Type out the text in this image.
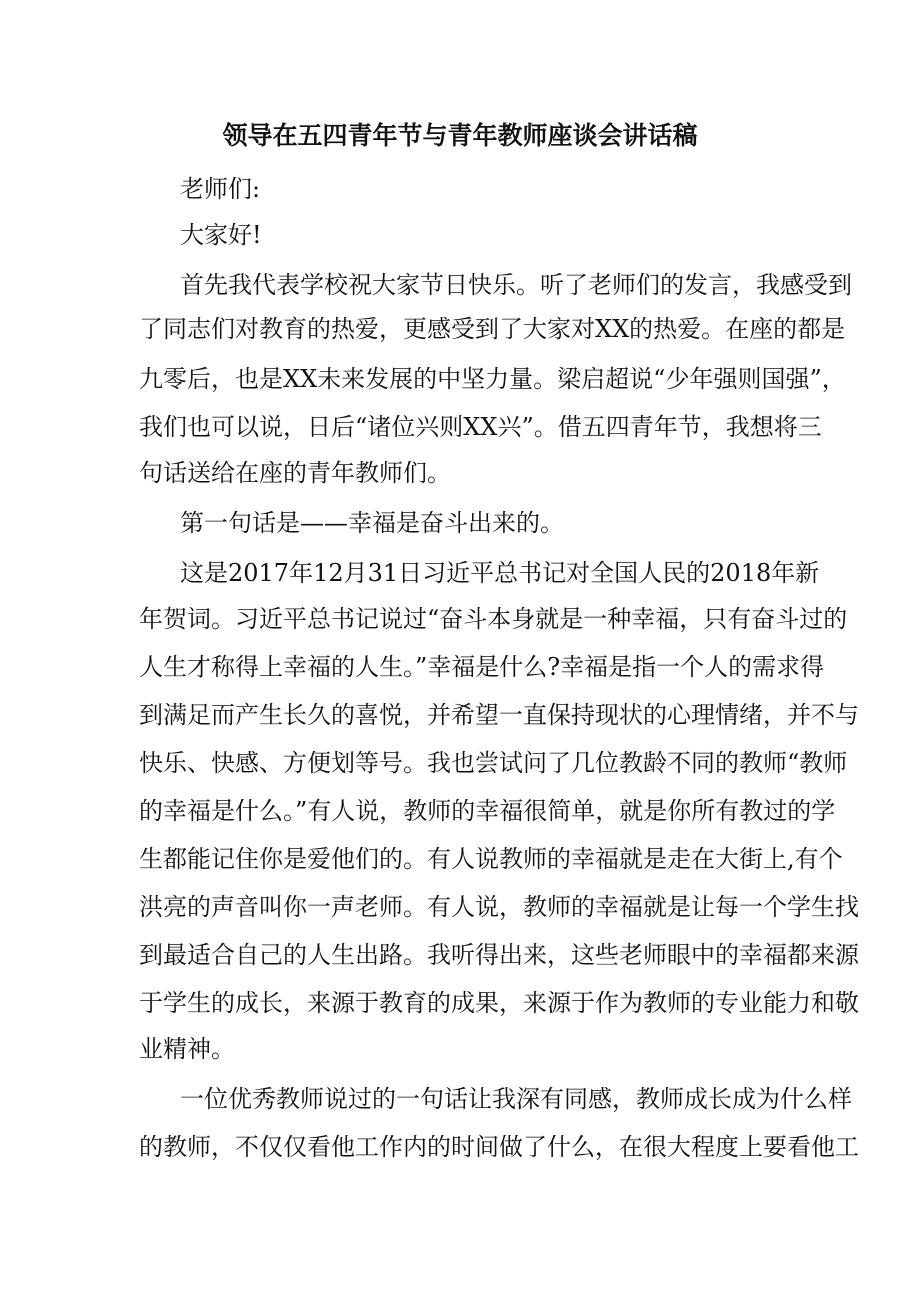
领导在五四青年节与青年教师座谈会讲话稿
老师们:
大家好!
首先我代表学校祝大家节日快乐。听了老师们的发言，我感受到
了同志们对教育的热爱，更感受到了大家对XX的热爱。在座的都是
九零后，也是XX未来发展的中坚力量。梁启超说“少年强则国强”，
我们也可以说，日后“诸位兴则XX兴”。借五四青年节，我想将三
句话送给在座的青年教师们。
第一句话是——幸福是奋斗出来的。
这是2017年12月31日习近平总书记对全国人民的2018年新
年贺词。习近平总书记说过“奋斗本身就是一种幸福，只有奋斗过的
人生才称得上幸福的人生。”幸福是什么?幸福是指一个人的需求得
到满足而产生长久的喜悦，并希望一直保持现状的心理情绪，并不与
快乐、快感、方便划等号。我也尝试问了几位教龄不同的教师“教师
的幸福是什么。”有人说，教师的幸福很简单，就是你所有教过的学
生都能记住你是爱他们的。有人说教师的幸福就是走在大街上,有个
洪亮的声音叫你一声老师。有人说，教师的幸福就是让每一个学生找
到最适合自己的人生出路。我听得出来，这些老师眼中的幸福都来源
于学生的成长，来源于教育的成果，来源于作为教师的专业能力和敬
业精神。
一位优秀教师说过的一句话让我深有同感，教师成长成为什么样
的教师，不仅仅看他工作内的时间做了什么，在很大程度上要看他工
